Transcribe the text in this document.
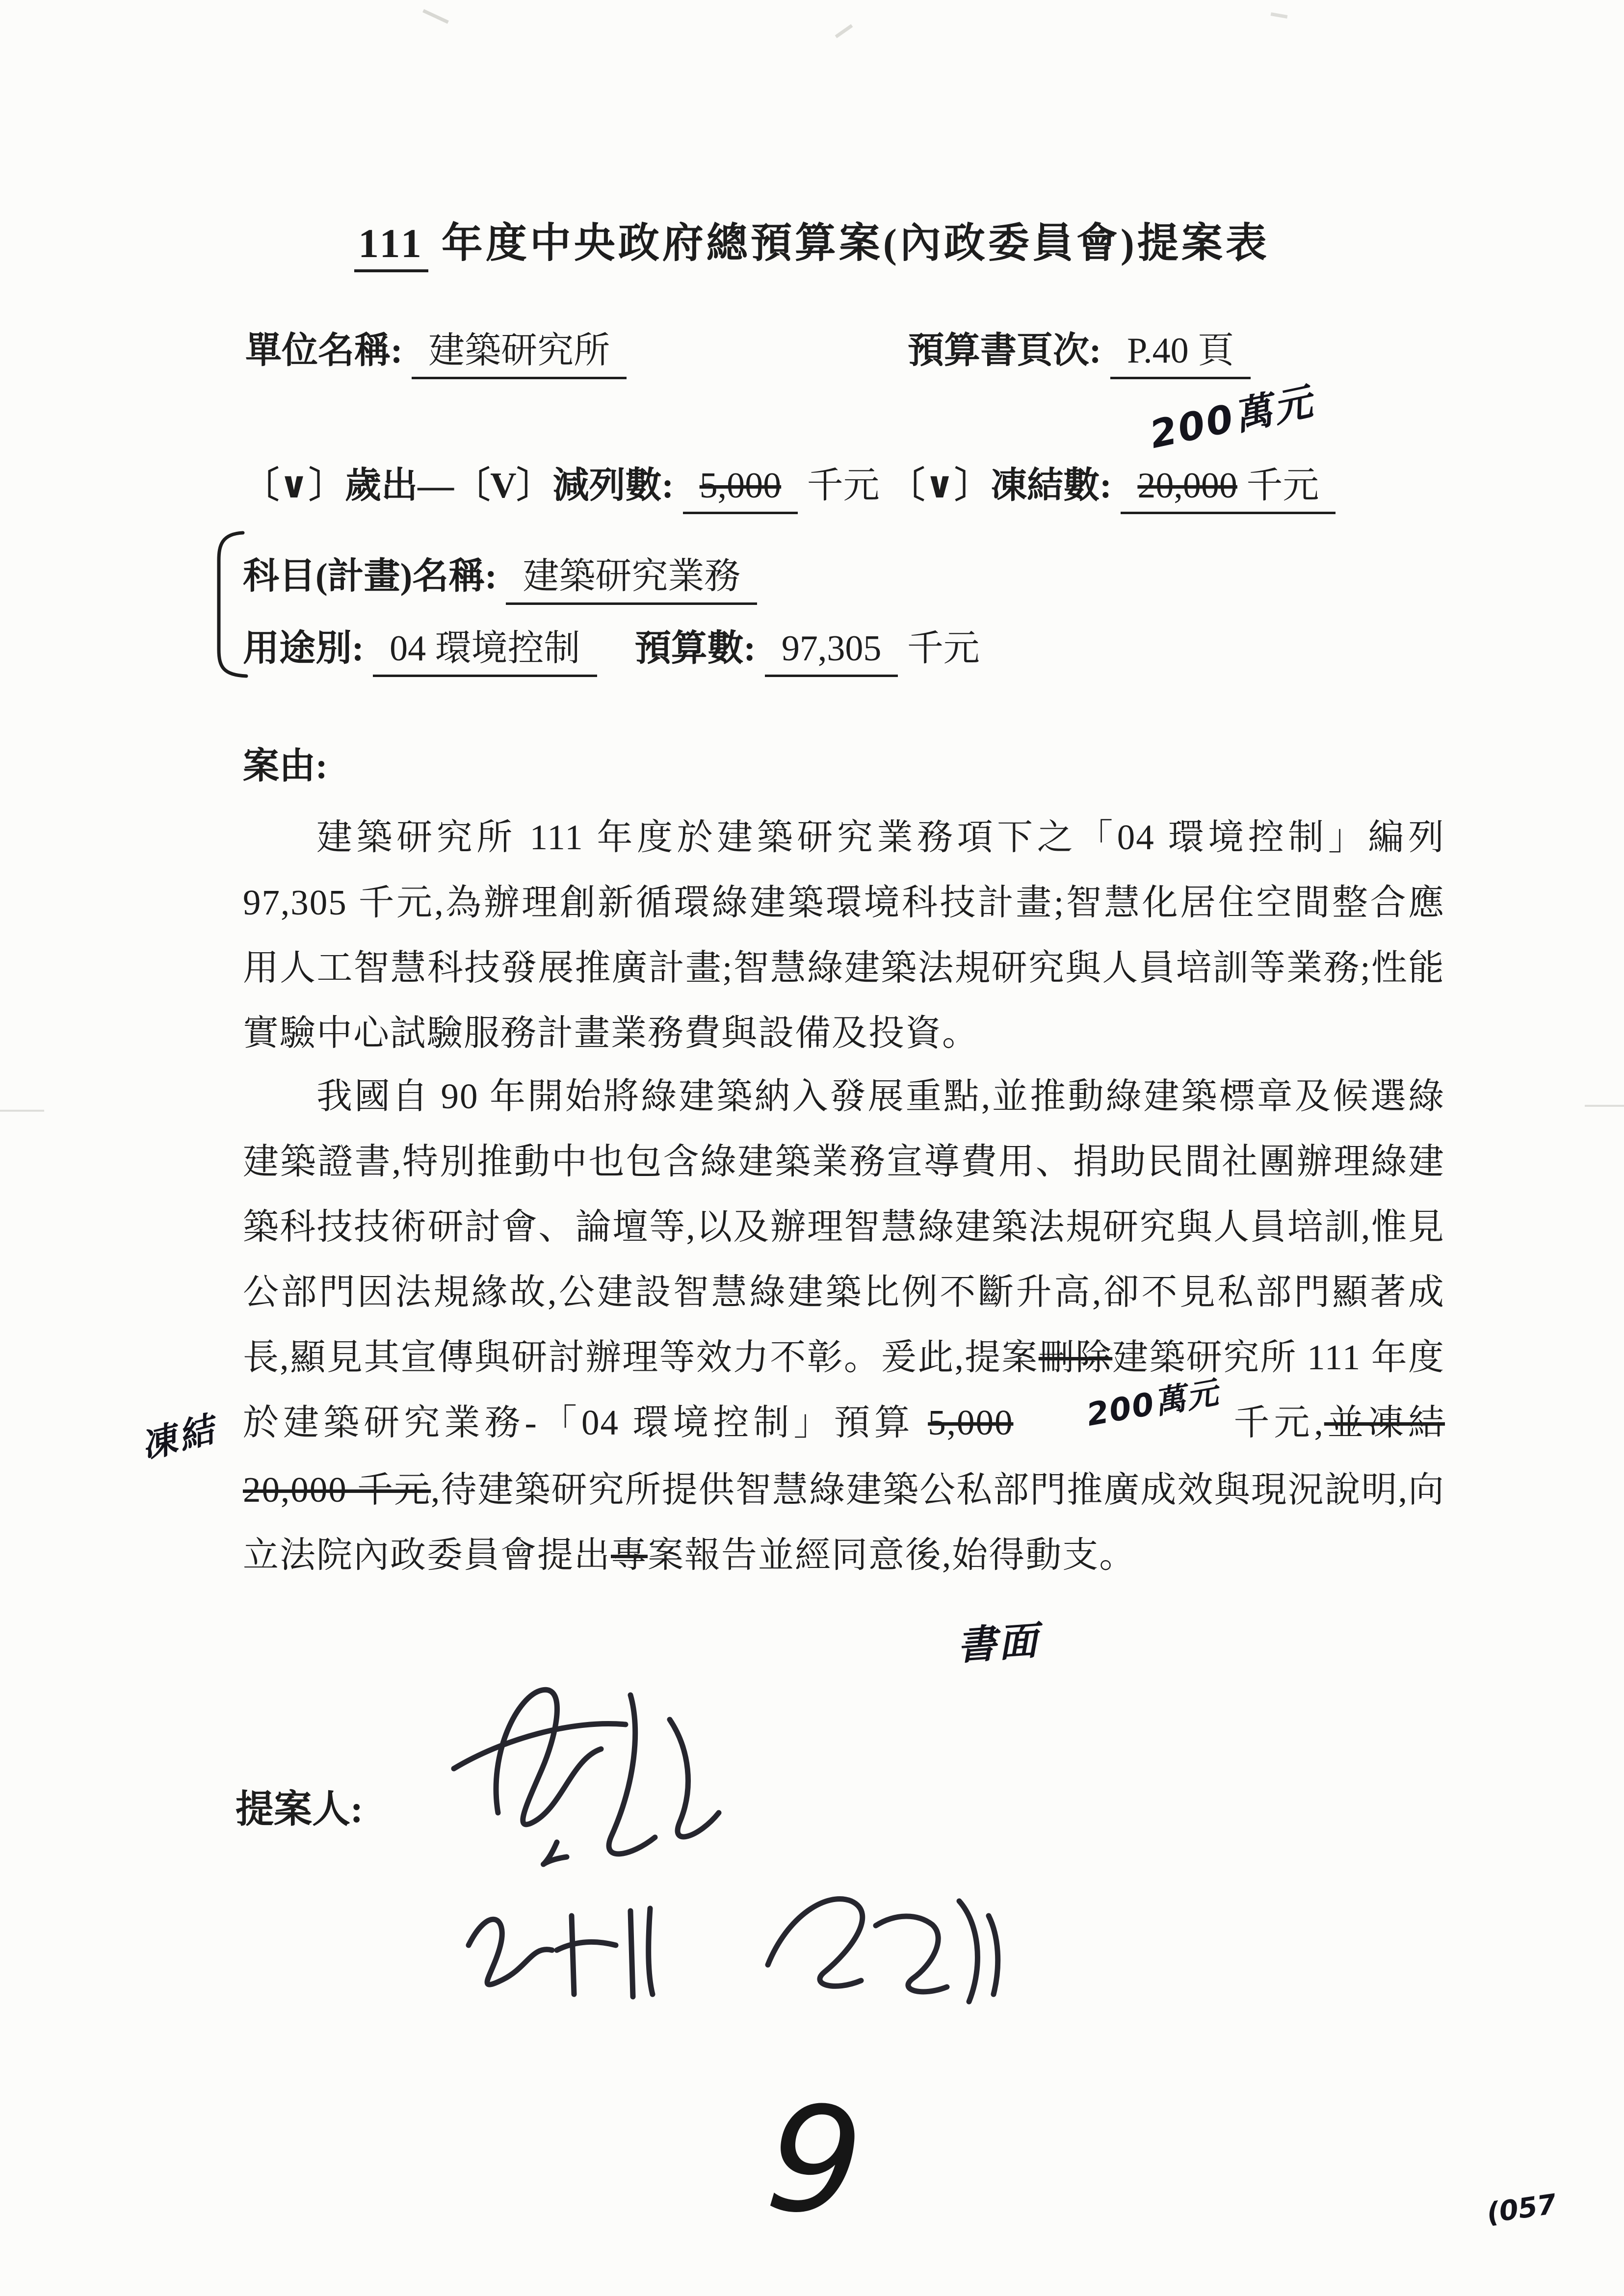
111 年度中央政府總預算案(內政委員會)提案表
單位名稱: 建築研究所	預算書頁次: P.40 頁
200萬元
〔∨〕歲出—〔V〕減列數: 5,000 千元 〔∨〕凍結數: 20,000 千元
科目(計畫)名稱: 建築研究業務
用途別: 04 環境控制 預算數: 97,305 千元
案由:

建築研究所 111 年度於建築研究業務項下之「04 環境控制」編列 97,305 千元,為辦理創新循環綠建築環境科技計畫;智慧化居住空間整合應用人工智慧科技發展推廣計畫;智慧綠建築法規研究與人員培訓等業務;性能實驗中心試驗服務計畫業務費與設備及投資。

我國自 90 年開始將綠建築納入發展重點,並推動綠建築標章及候選綠建築證書,特別推動中也包含綠建築業務宣導費用、捐助民間社團辦理綠建築科技技術研討會、論壇等,以及辦理智慧綠建築法規研究與人員培訓,惟見公部門因法規緣故,公建設智慧綠建築比例不斷升高,卻不見私部門顯著成長,顯見其宣傳與研討辦理等效力不彰。爰此,提案刪除建築研究所 111 年度於建築研究業務-「04 環境控制」預算 5,000 200萬元 千元,並凍結 20,000 千元,待建築研究所提供智慧綠建築公私部門推廣成效與現況說明,向立法院內政委員會提出專案報告並經同意後,始得動支。

凍結
書面
提案人:
9	(057
